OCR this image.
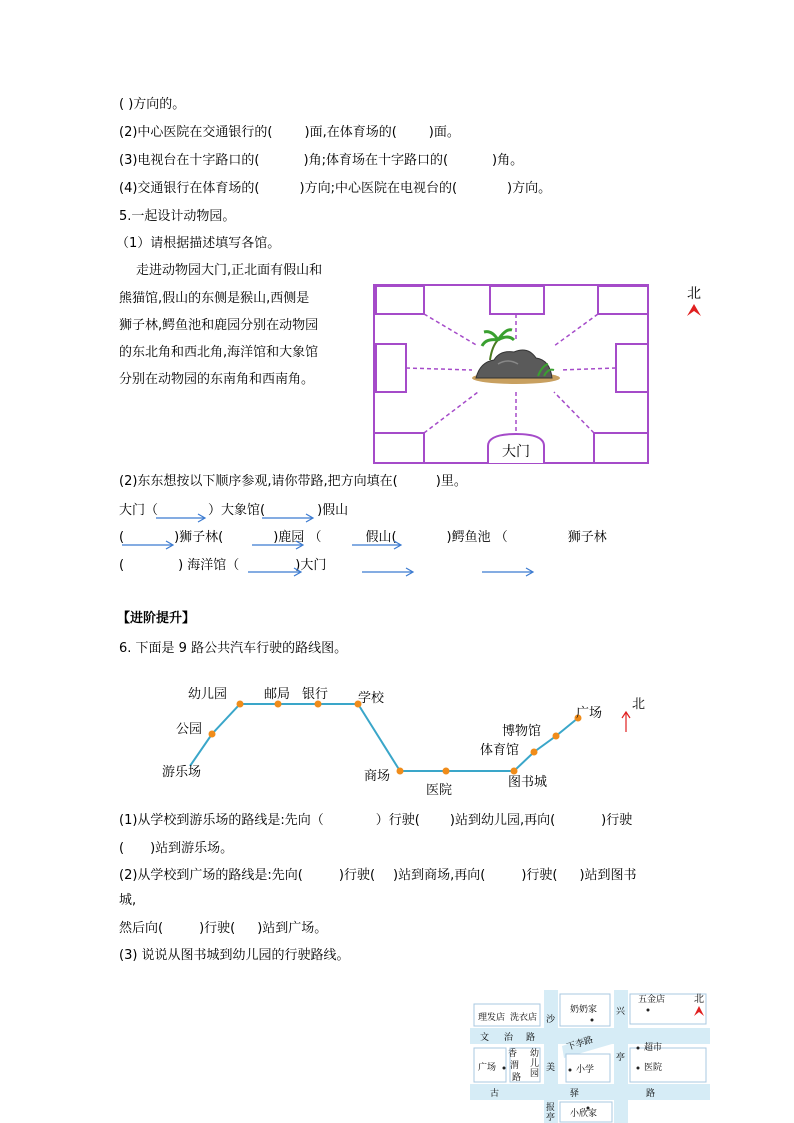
( )方向的。
(2)中心医院在交通银行的( )面,在体育场的( )面。
(3)电视台在十字路口的(	)角;体育场在十字路口的(	)角。
(4)交通银行在体育场的(	)方向;中心医院在电视台的(	)方向。
5.一起设计动物园。
（1）请根据描述填写各馆。
走进动物园大门,正北面有假山和
熊猫馆,假山的东侧是猴山,西侧是
狮子林,鳄鱼池和鹿园分别在动物园
的东北角和西北角,海洋馆和大象馆
分别在动物园的东南角和西南角。
大门
北
(2)东东想按以下顺序参观,请你带路,把方向填在(	)里。
大门（	）大象馆(	)假山
(	)狮子林(	)鹿园 （	假山(	)鳄鱼池 （	狮子林
(	) 海洋馆（	)大门
【进阶提升】
6. 下面是 9 路公共汽车行驶的路线图。
幼儿园	邮局 银行 学校
公园
游乐场	商场
医院
图书城
体育馆
博物馆
广场
北
(1)从学校到游乐场的路线是:先向（	）行驶( )站到幼儿园,再向(	)行驶
( )站到游乐场。
(2)从学校到广场的路线是:先向(	)行驶( )站到商场,再向(	)行驶( )站到图书
城,
然后向(	)行驶( )站到广场。
(3) 说说从图书城到幼儿园的行驶路线。
理发店 洗衣店
奶奶家
五金店
广场	小学
超市
医院
小欣家
文 治 路
沙
兴
下李路
香
渭
路
幼
儿
园
美
亭
古	驿	路
报
亭
北
